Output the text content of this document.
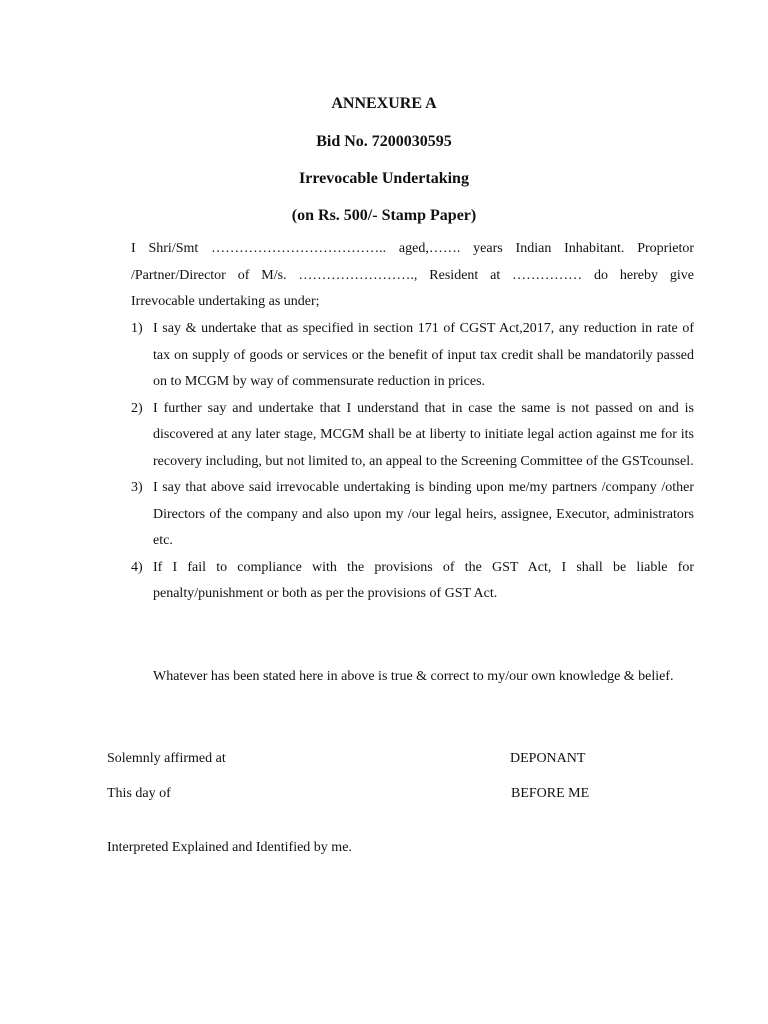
ANNEXURE A

Bid No. 7200030595

Irrevocable Undertaking

(on Rs. 500/- Stamp Paper)

I Shri/Smt ……………………………….. aged,……. years Indian Inhabitant. Proprietor
/Partner/Director of M/s. ……………………., Resident at …………… do hereby give
Irrevocable undertaking as under;
1) I say & undertake that as specified in section 171 of CGST Act,2017, any reduction in rate of tax on supply of goods or services or the benefit of input tax credit shall be mandatorily passed on to MCGM by way of commensurate reduction in prices.

2) I further say and undertake that I understand that in case the same is not passed on and is discovered at any later stage, MCGM shall be at liberty to initiate legal action against me for its recovery including, but not limited to, an appeal to the Screening Committee of the GSTcounsel.

3) I say that above said irrevocable undertaking is binding upon me/my partners /company /other Directors of the company and also upon my /our legal heirs, assignee, Executor, administrators etc.

4) If I fail to compliance with the provisions of the GST Act, I shall be liable for penalty/punishment or both as per the provisions of GST Act.

Whatever has been stated here in above is true & correct to my/our own knowledge & belief.

Solemnly affirmed at	DEPONANT

This day of	BEFORE ME

Interpreted Explained and Identified by me.
